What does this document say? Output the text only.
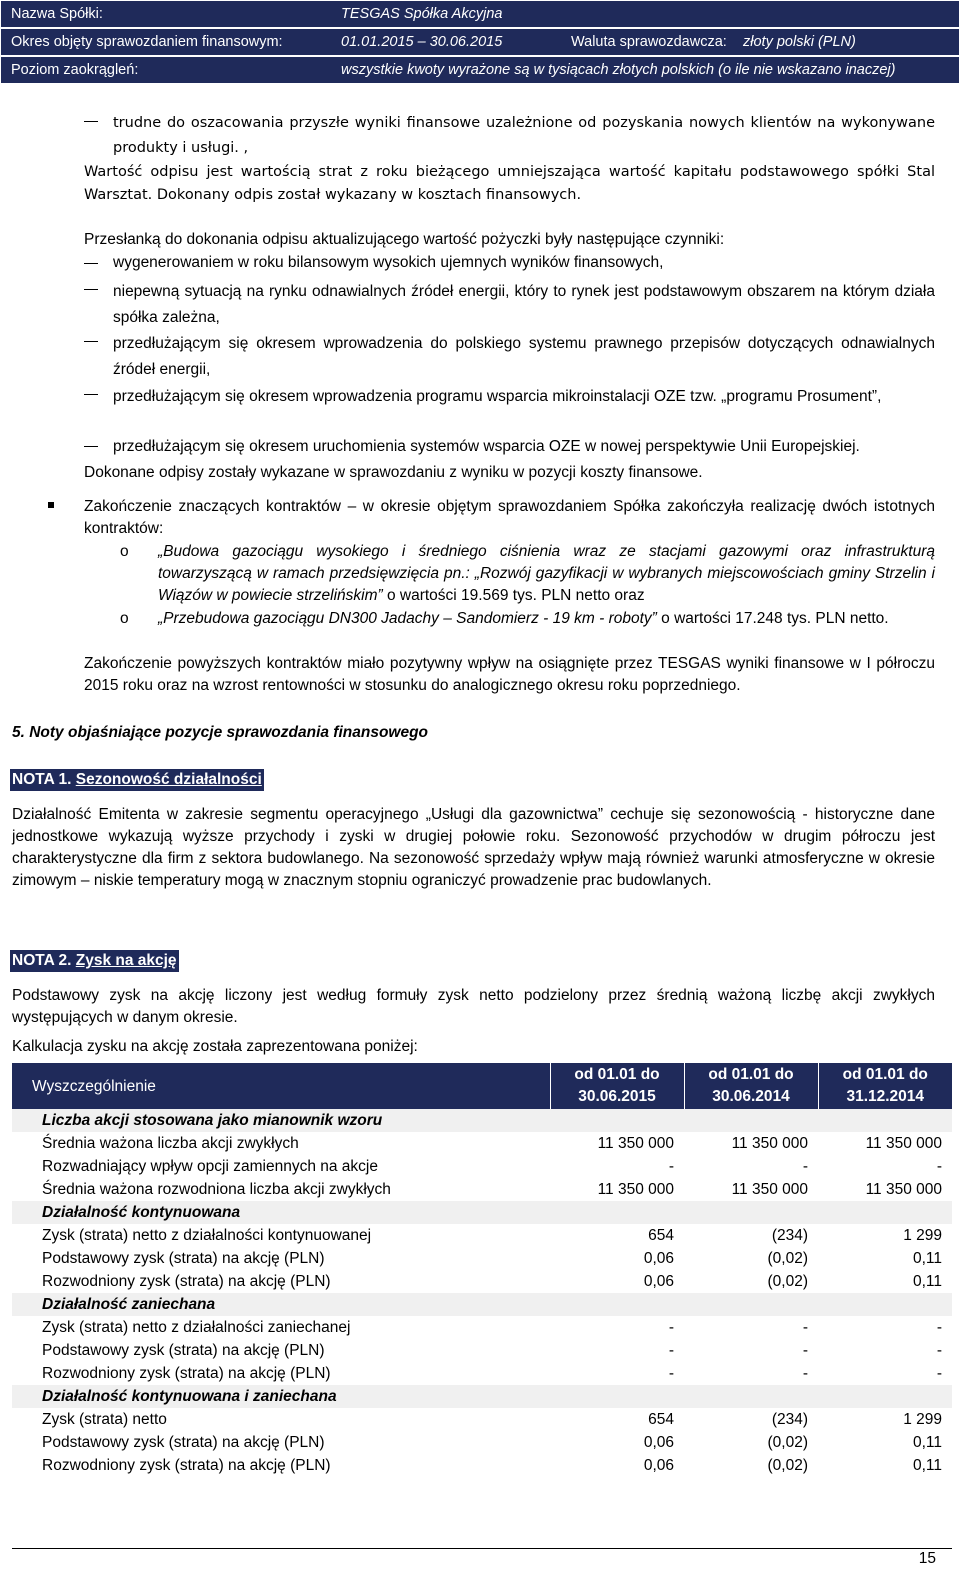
Nazwa Spółki:	TESGAS Spółka Akcyjna
Okres objęty sprawozdaniem finansowym:	01.01.2015 – 30.06.2015	Waluta sprawozdawcza:	złoty polski (PLN)
Poziom zaokrągleń:	wszystkie kwoty wyrażone są w tysiącach złotych polskich (o ile nie wskazano inaczej)
trudne do oszacowania przyszłe wyniki finansowe uzależnione od pozyskania nowych klientów na wykonywane produkty i usługi. ,
Wartość odpisu jest wartością strat z roku bieżącego umniejszająca wartość kapitału podstawowego spółki Stal Warsztat. Dokonany odpis został wykazany w kosztach finansowych.
Przesłanką do dokonania odpisu aktualizującego wartość pożyczki były następujące czynniki:
wygenerowaniem w roku bilansowym wysokich ujemnych wyników finansowych,
niepewną sytuacją na rynku odnawialnych źródeł energii, który to rynek jest podstawowym obszarem na którym działa spółka zależna,
przedłużającym się okresem wprowadzenia do polskiego systemu prawnego przepisów dotyczących odnawialnych źródeł energii,
przedłużającym się okresem wprowadzenia programu wsparcia mikroinstalacji OZE tzw. „programu Prosument”,
przedłużającym się okresem uruchomienia systemów wsparcia OZE w nowej perspektywie Unii Europejskiej.
Dokonane odpisy zostały wykazane w sprawozdaniu z wyniku w pozycji koszty finansowe.
Zakończenie znaczących kontraktów – w okresie objętym sprawozdaniem Spółka zakończyła realizację dwóch istotnych kontraktów:
o „Budowa gazociągu wysokiego i średniego ciśnienia wraz ze stacjami gazowymi oraz infrastrukturą towarzyszącą w ramach przedsięwzięcia pn.: „Rozwój gazyfikacji w wybranych miejscowościach gminy Strzelin i Wiązów w powiecie strzelińskim” o wartości 19.569 tys. PLN netto oraz
o „Przebudowa gazociągu DN300 Jadachy – Sandomierz - 19 km - roboty” o wartości 17.248 tys. PLN netto.
Zakończenie powyższych kontraktów miało pozytywny wpływ na osiągnięte przez TESGAS wyniki finansowe w I półroczu 2015 roku oraz na wzrost rentowności w stosunku do analogicznego okresu roku poprzedniego.
5. Noty objaśniające pozycje sprawozdania finansowego
NOTA 1. Sezonowość działalności
Działalność Emitenta w zakresie segmentu operacyjnego „Usługi dla gazownictwa” cechuje się sezonowością - historyczne dane jednostkowe wykazują wyższe przychody i zyski w drugiej połowie roku. Sezonowość przychodów w drugim półroczu jest charakterystyczne dla firm z sektora budowlanego. Na sezonowość sprzedaży wpływ mają również warunki atmosferyczne w okresie zimowym – niskie temperatury mogą w znacznym stopniu ograniczyć prowadzenie prac budowlanych.
NOTA 2. Zysk na akcję
Podstawowy zysk na akcję liczony jest według formuły zysk netto podzielony przez średnią ważoną liczbę akcji zwykłych występujących w danym okresie.
Kalkulacja zysku na akcję została zaprezentowana poniżej:
Wyszczególnienie	od 01.01 do 30.06.2015	od 01.01 do 30.06.2014	od 01.01 do 31.12.2014
Liczba akcji stosowana jako mianownik wzoru			
Średnia ważona liczba akcji zwykłych	11 350 000	11 350 000	11 350 000
Rozwadniający wpływ opcji zamiennych na akcje	-	-	-
Średnia ważona rozwodniona liczba akcji zwykłych	11 350 000	11 350 000	11 350 000
Działalność kontynuowana			
Zysk (strata) netto z działalności kontynuowanej	654	(234)	1 299
Podstawowy zysk (strata) na akcję (PLN)	0,06	(0,02)	0,11
Rozwodniony zysk (strata) na akcję (PLN)	0,06	(0,02)	0,11
Działalność zaniechana			
Zysk (strata) netto z działalności zaniechanej	-	-	-
Podstawowy zysk (strata) na akcję (PLN)	-	-	-
Rozwodniony zysk (strata) na akcję (PLN)	-	-	-
Działalność kontynuowana i zaniechana			
Zysk (strata) netto	654	(234)	1 299
Podstawowy zysk (strata) na akcję (PLN)	0,06	(0,02)	0,11
Rozwodniony zysk (strata) na akcję (PLN)	0,06	(0,02)	0,11
15
